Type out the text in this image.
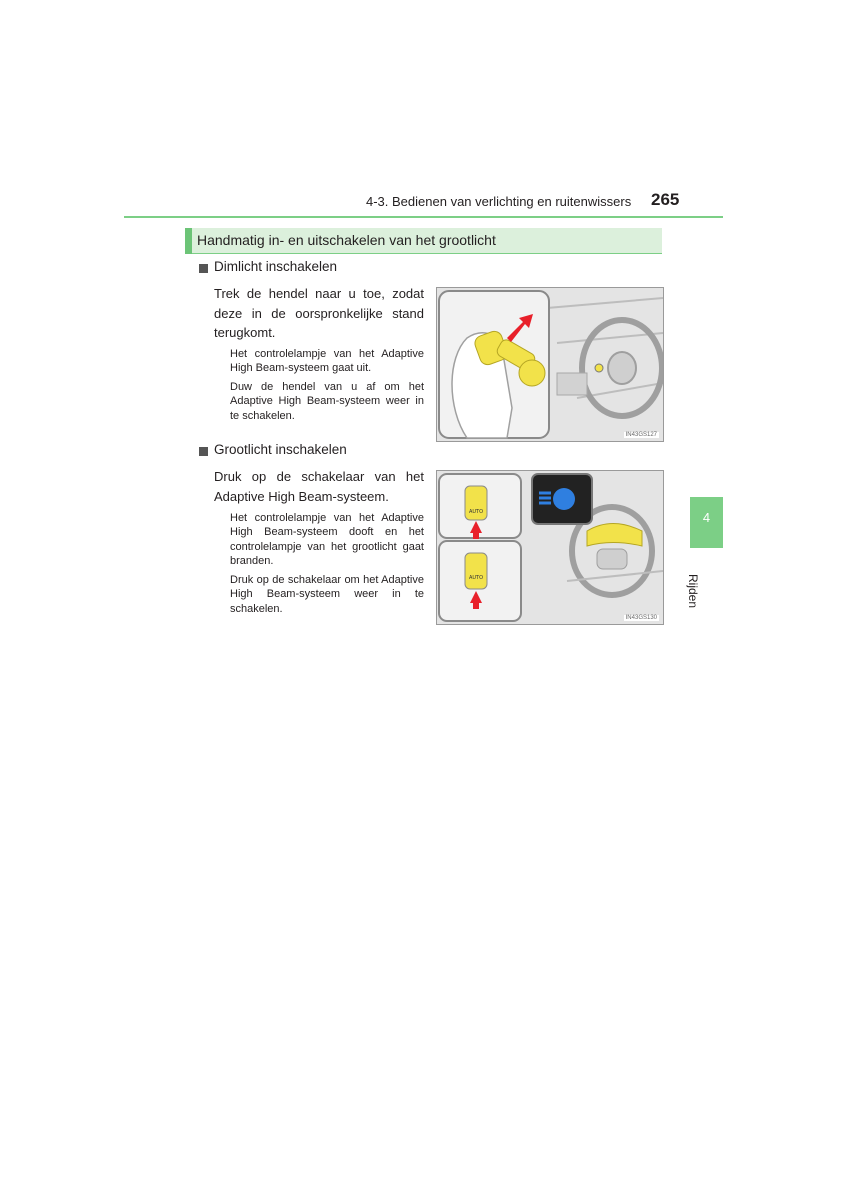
4-3. Bedienen van verlichting en ruitenwissers 265
Handmatig in- en uitschakelen van het grootlicht
Dimlicht inschakelen
Trek de hendel naar u toe, zodat deze in de oorspronkelijke stand terugkomt.
Het controlelampje van het Adaptive High Beam-systeem gaat uit.
Duw de hendel van u af om het Adaptive High Beam-systeem weer in te schakelen.
IN43GS127
Grootlicht inschakelen
Druk op de schakelaar van het Adaptive High Beam-systeem.
Het controlelampje van het Adaptive High Beam-systeem dooft en het controlelampje van het grootlicht gaat branden.
Druk op de schakelaar om het Adaptive High Beam-systeem weer in te schakelen.
AUTO
AUTO
IN43GS130
4
Rijden
